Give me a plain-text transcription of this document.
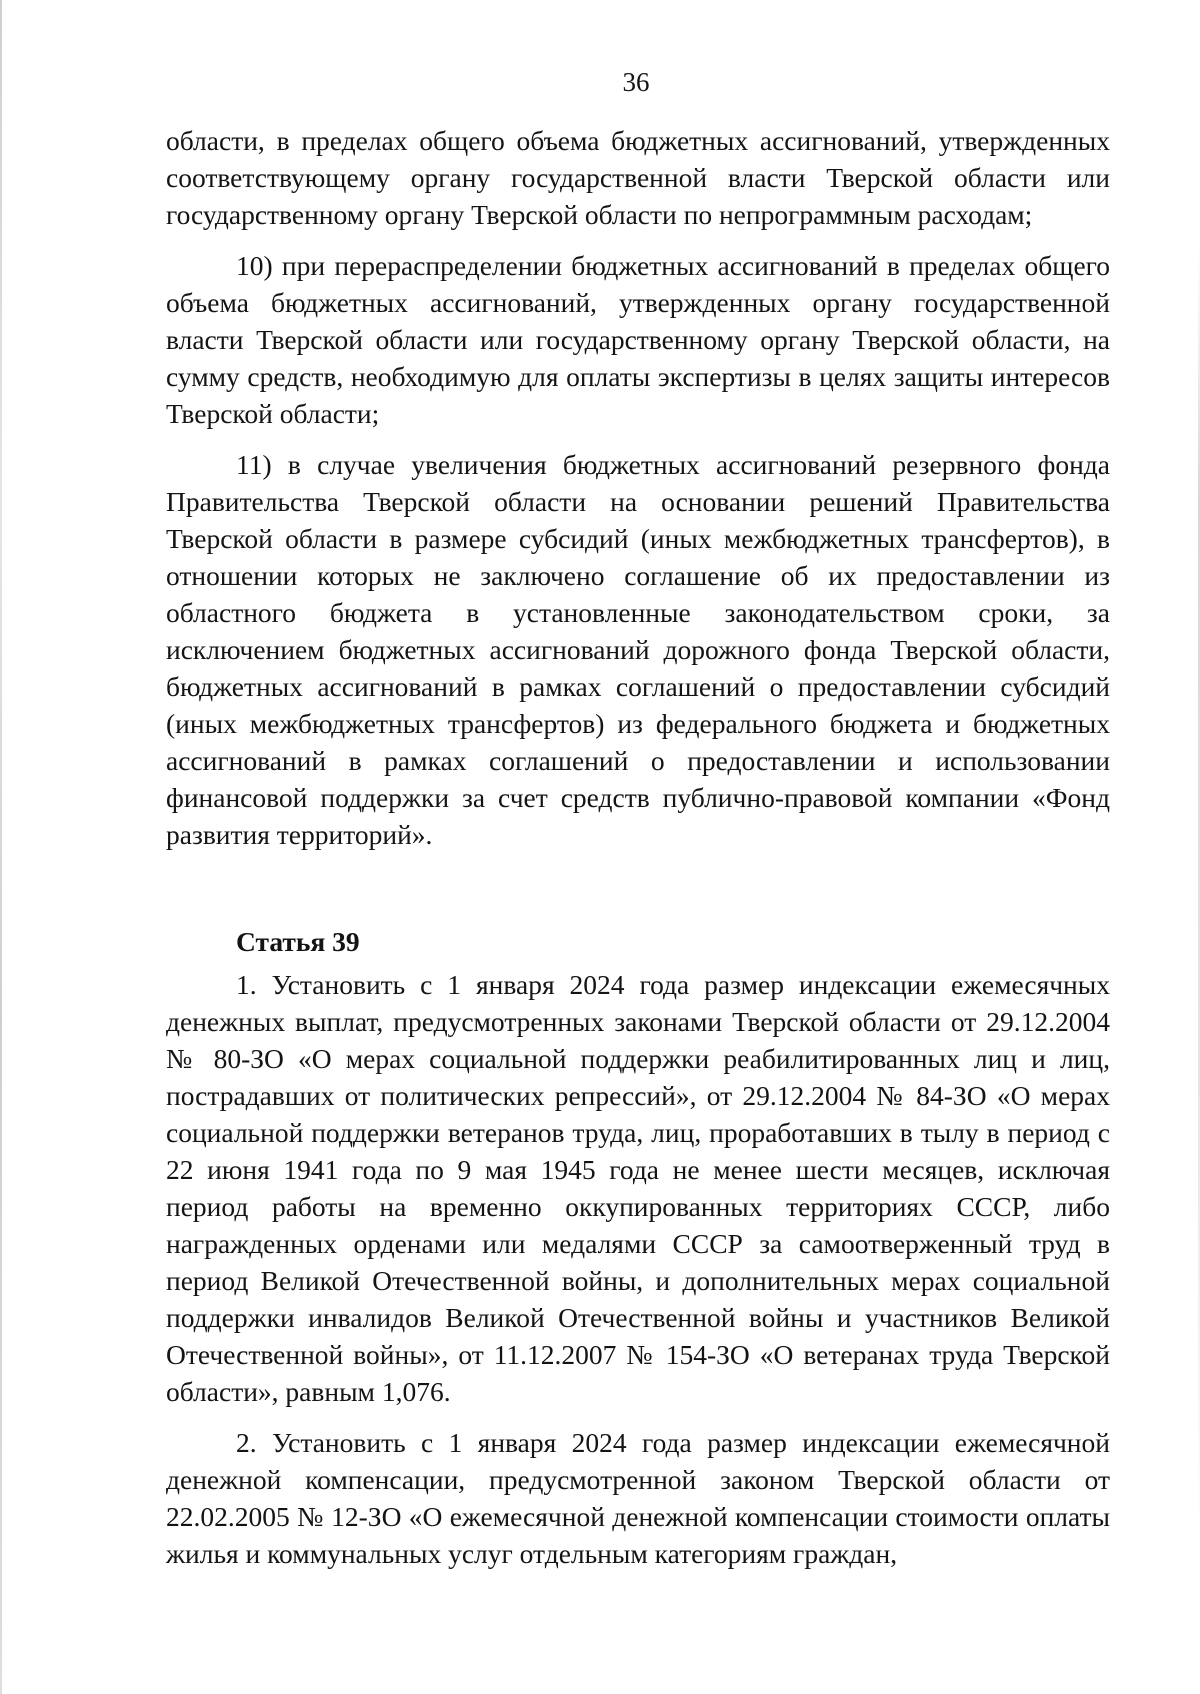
36

области, в пределах общего объема бюджетных ассигнований, утвержденных соответствующему органу государственной власти Тверской области или государственному органу Тверской области по непрограммным расходам;

10) при перераспределении бюджетных ассигнований в пределах общего объема бюджетных ассигнований, утвержденных органу государственной власти Тверской области или государственному органу Тверской области, на сумму средств, необходимую для оплаты экспертизы в целях защиты интересов Тверской области;

11) в случае увеличения бюджетных ассигнований резервного фонда Правительства Тверской области на основании решений Правительства Тверской области в размере субсидий (иных межбюджетных трансфертов), в отношении которых не заключено соглашение об их предоставлении из областного бюджета в установленные законодательством сроки, за исключением бюджетных ассигнований дорожного фонда Тверской области, бюджетных ассигнований в рамках соглашений о предоставлении субсидий (иных межбюджетных трансфертов) из федерального бюджета и бюджетных ассигнований в рамках соглашений о предоставлении и использовании финансовой поддержки за счет средств публично-правовой компании «Фонд развития территорий».

Статья 39

1. Установить с 1 января 2024 года размер индексации ежемесячных денежных выплат, предусмотренных законами Тверской области от 29.12.2004 № 80-ЗО «О мерах социальной поддержки реабилитированных лиц и лиц, пострадавших от политических репрессий», от 29.12.2004 № 84-ЗО «О мерах социальной поддержки ветеранов труда, лиц, проработавших в тылу в период с 22 июня 1941 года по 9 мая 1945 года не менее шести месяцев, исключая период работы на временно оккупированных территориях СССР, либо награжденных орденами или медалями СССР за самоотверженный труд в период Великой Отечественной войны, и дополнительных мерах социальной поддержки инвалидов Великой Отечественной войны и участников Великой Отечественной войны», от 11.12.2007 № 154-ЗО «О ветеранах труда Тверской области», равным 1,076.

2. Установить с 1 января 2024 года размер индексации ежемесячной денежной компенсации, предусмотренной законом Тверской области от 22.02.2005 № 12-ЗО «О ежемесячной денежной компенсации стоимости оплаты жилья и коммунальных услуг отдельным категориям граждан,
